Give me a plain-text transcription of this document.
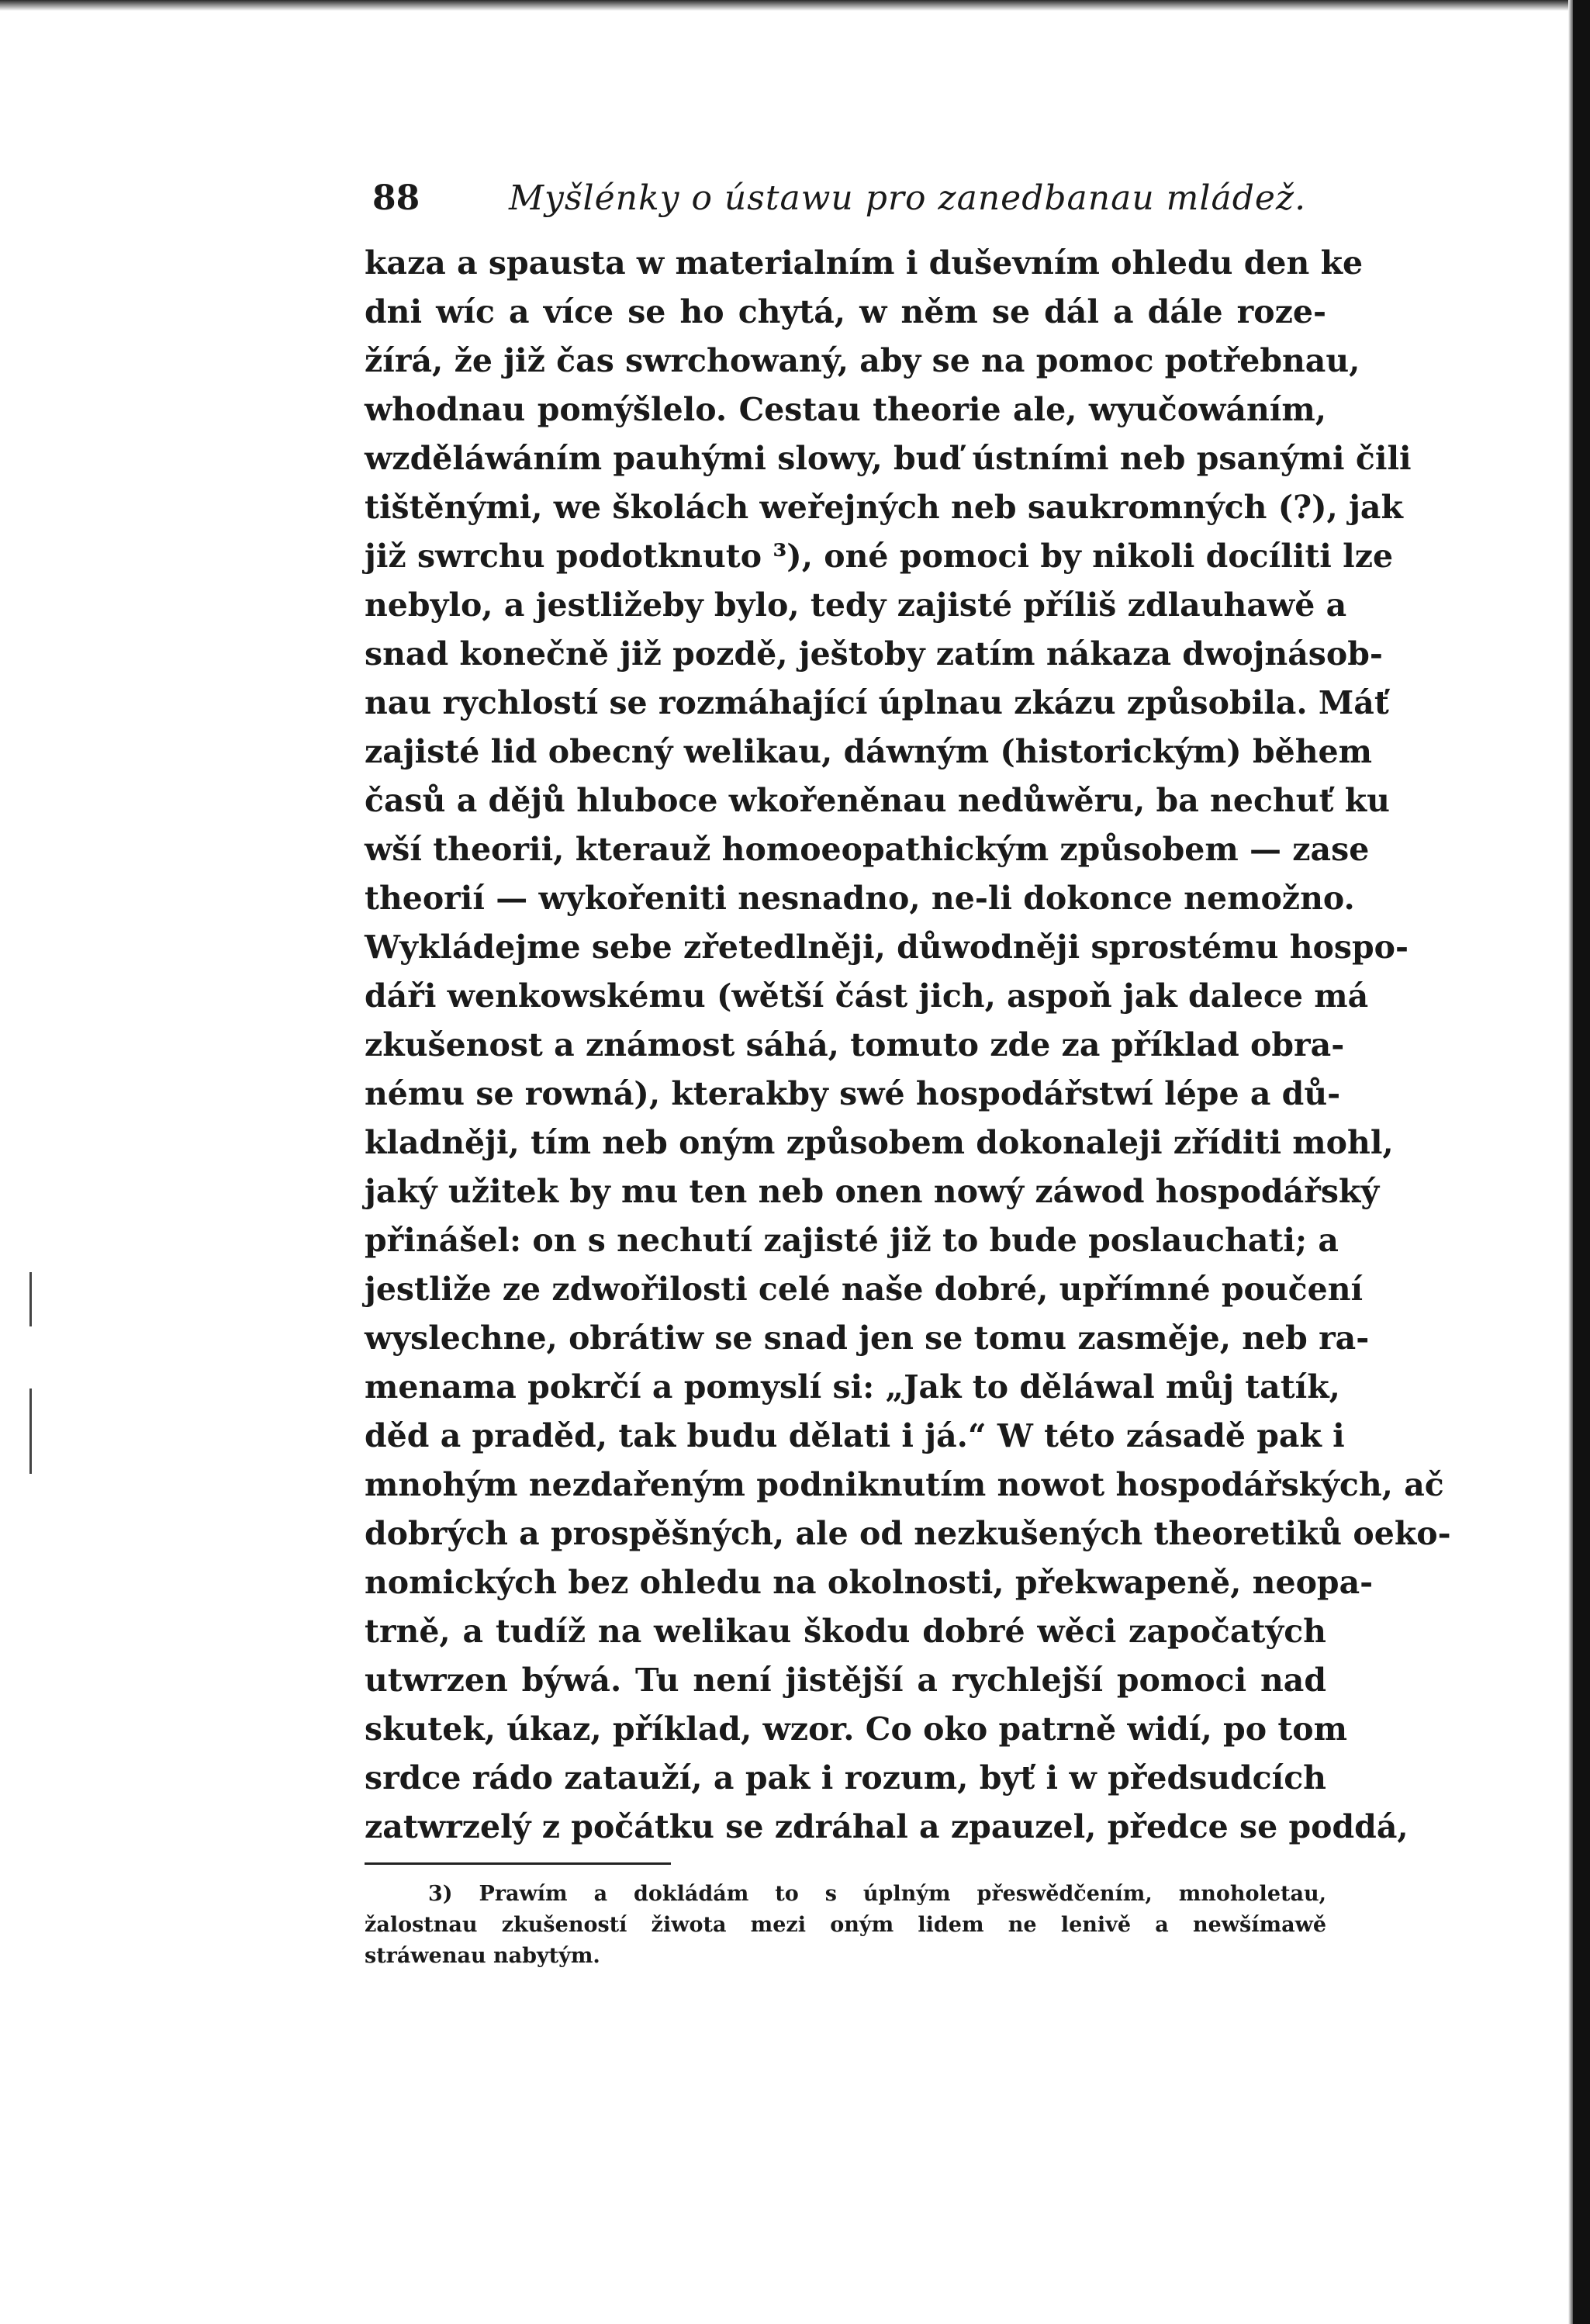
88	Myšlénky o ústawu pro zanedbanau mládež.
kaza a spausta w materialním i duševním ohledu den ke
dni wíc a více se ho chytá, w něm se dál a dále roze-
žírá, že již čas swrchowaný, aby se na pomoc potřebnau,
whodnau pomýšlelo. Cestau theorie ale, wyučowáním,
wzděláwáním pauhými slowy, buď ústními neb psanými čili
tištěnými, we školách weřejných neb saukromných (?), jak
již swrchu podotknuto ³), oné pomoci by nikoli docíliti lze
nebylo, a jestližeby bylo, tedy zajisté příliš zdlauhawě a
snad konečně již pozdě, ještoby zatím nákaza dwojnásob-
nau rychlostí se rozmáhající úplnau zkázu způsobila. Máť
zajisté lid obecný welikau, dáwným (historickým) během
časů a dějů hluboce wkořeněnau nedůwěru, ba nechuť ku
wší theorii, kterauž homoeopathickým způsobem — zase
theorií — wykořeniti nesnadno, ne-li dokonce nemožno.
Wykládejme sebe zřetedlněji, důwodněji sprostému hospo-
dáři wenkowskému (wětší část jich, aspoň jak dalece má
zkušenost a známost sáhá, tomuto zde za příklad obra-
nému se rowná), kterakby swé hospodářstwí lépe a dů-
kladněji, tím neb oným způsobem dokonaleji zříditi mohl,
jaký užitek by mu ten neb onen nowý záwod hospodářský
přinášel: on s nechutí zajisté již to bude poslauchati; a
jestliže ze zdwořilosti celé naše dobré, upřímné poučení
wyslechne, obrátiw se snad jen se tomu zasměje, neb ra-
menama pokrčí a pomyslí si: „Jak to děláwal můj tatík,
děd a praděd, tak budu dělati i já.“ W této zásadě pak i
mnohým nezdařeným podniknutím nowot hospodářských, ač
dobrých a prospěšných, ale od nezkušených theoretiků oeko-
nomických bez ohledu na okolnosti, překwapeně, neopa-
trně, a tudíž na welikau škodu dobré wěci započatých
utwrzen býwá. Tu není jistější a rychlejší pomoci nad
skutek, úkaz, příklad, wzor. Co oko patrně widí, po tom
srdce rádo zatauží, a pak i rozum, byť i w předsudcích
zatwrzelý z počátku se zdráhal a zpauzel, předce se poddá,
3) Prawím a dokládám to s úplným přeswědčením, mnoholetau,
žalostnau zkušeností žiwota mezi oným lidem ne lenivě a newšímawě
stráwenau nabytým.
